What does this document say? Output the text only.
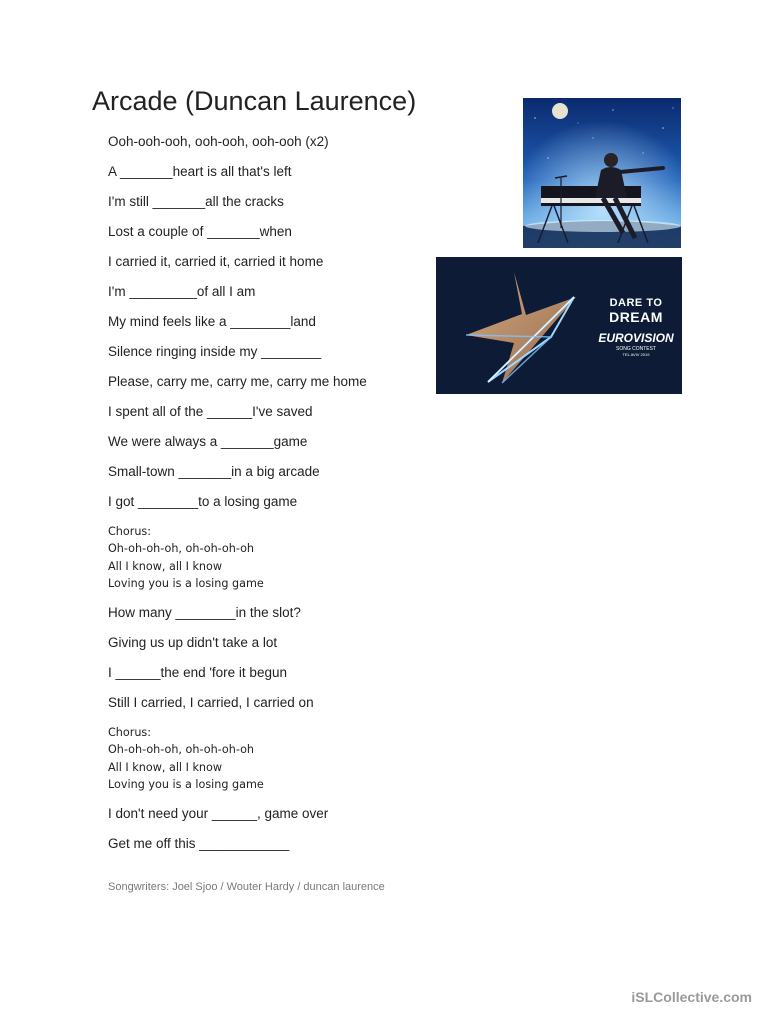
Arcade (Duncan Laurence)
DARE TO
DREAM
EUROVISION
SONG CONTEST
TEL AVIV 2019
Ooh-ooh-ooh, ooh-ooh, ooh-ooh (x2)
A _______heart is all that's left
I'm still _______all the cracks
Lost a couple of _______when
I carried it, carried it, carried it home
I'm _________of all I am
My mind feels like a ________land
Silence ringing inside my ________
Please, carry me, carry me, carry me home
I spent all of the ______I've saved
We were always a _______game
Small-town _______in a big arcade
I got ________to a losing game
Chorus:
Oh-oh-oh-oh, oh-oh-oh-oh
All I know, all I know
Loving you is a losing game
How many ________in the slot?
Giving us up didn't take a lot
I ______the end 'fore it begun
Still I carried, I carried, I carried on
Chorus:
Oh-oh-oh-oh, oh-oh-oh-oh
All I know, all I know
Loving you is a losing game
I don't need your ______, game over
Get me off this ____________
Songwriters: Joel Sjoo / Wouter Hardy / duncan laurence
iSLCollective.com
